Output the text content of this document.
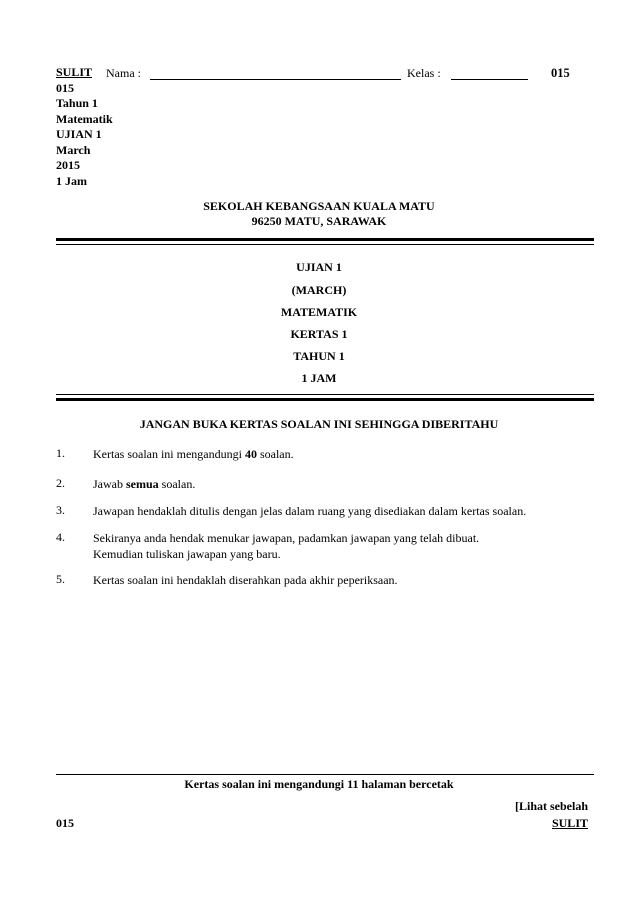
SULIT
015
Tahun 1
Matematik
UJIAN 1
March
2015
1 Jam
Nama :	Kelas :	015
SEKOLAH KEBANGSAAN KUALA MATU
96250 MATU, SARAWAK
UJIAN 1
(MARCH)
MATEMATIK
KERTAS 1
TAHUN 1
1 JAM
JANGAN BUKA KERTAS SOALAN INI SEHINGGA DIBERITAHU
1. Kertas soalan ini mengandungi 40 soalan.
2. Jawab semua soalan.
3. Jawapan hendaklah ditulis dengan jelas dalam ruang yang disediakan dalam kertas soalan.
4. Sekiranya anda hendak menukar jawapan, padamkan jawapan yang telah dibuat.
Kemudian tuliskan jawapan yang baru.
5. Kertas soalan ini hendaklah diserahkan pada akhir peperiksaan.
Kertas soalan ini mengandungi 11 halaman bercetak
[Lihat sebelah
015	SULIT
